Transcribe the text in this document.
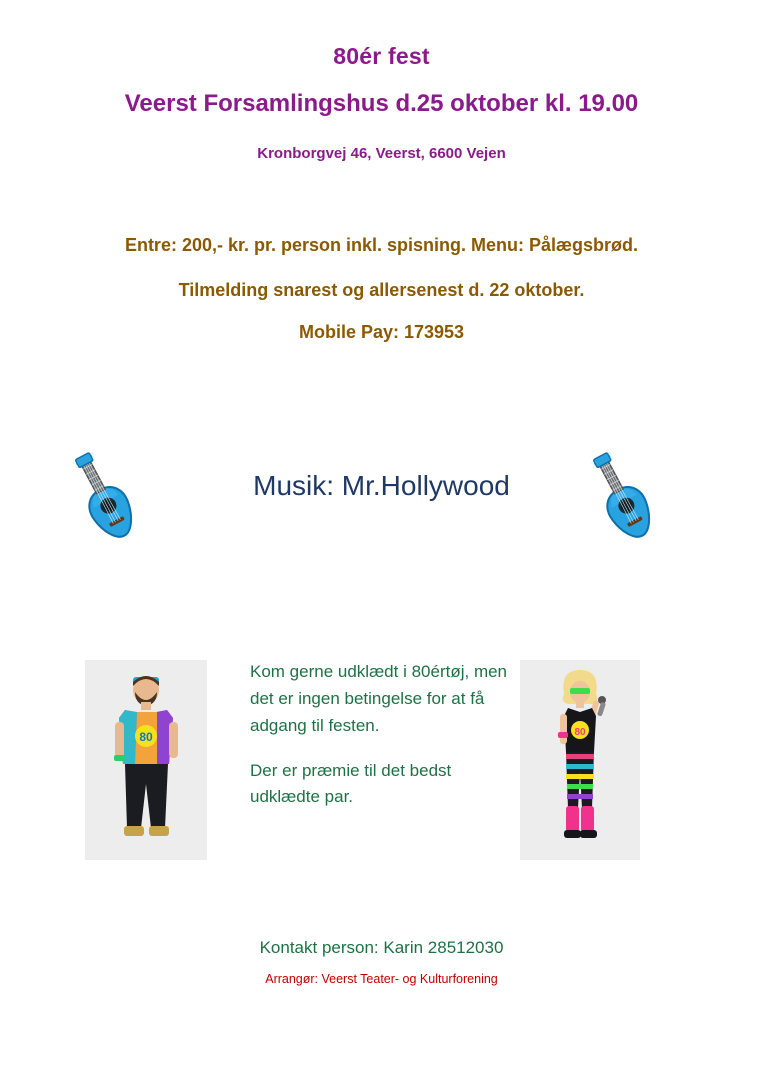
80ér fest
Veerst Forsamlingshus d.25 oktober kl. 19.00

Kronborgvej 46, Veerst, 6600 Vejen

Entre: 200,- kr. pr. person inkl. spisning. Menu: Pålægsbrød.

Tilmelding snarest og allersenest d. 22 oktober.

Mobile Pay: 173953

Musik: Mr.Hollywood
80

Kom gerne udklædt i 80értøj, men det er ingen betingelse for at få adgang til festen.

Der er præmie til det bedst udklædte par.

80

Kontakt person: Karin 28512030

Arrangør: Veerst Teater- og Kulturforening
